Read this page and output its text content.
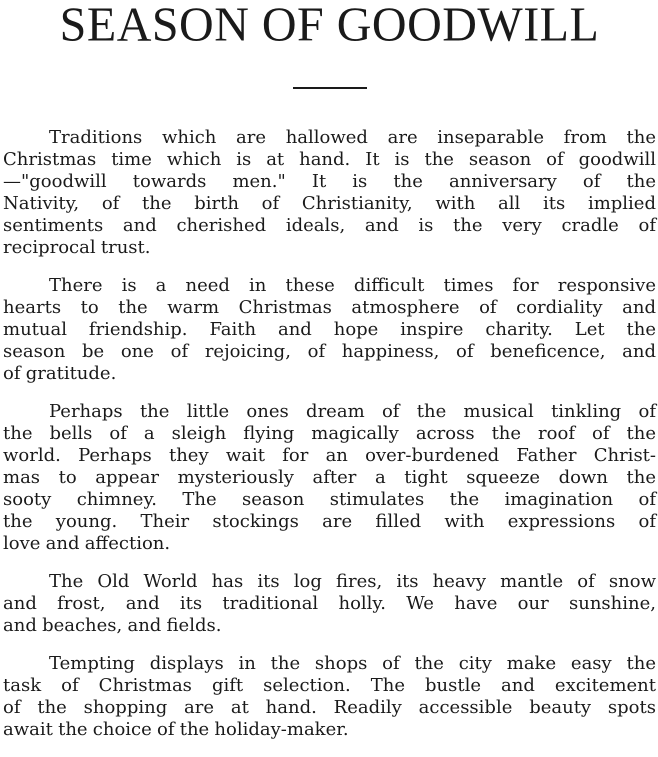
SEASON OF GOODWILL

Traditions which are hallowed are inseparable from the
Christmas time which is at hand. It is the season of goodwill
—"goodwill towards men." It is the anniversary of the
Nativity, of the birth of Christianity, with all its implied
sentiments and cherished ideals, and is the very cradle of
reciprocal trust.

There is a need in these difficult times for responsive
hearts to the warm Christmas atmosphere of cordiality and
mutual friendship. Faith and hope inspire charity. Let the
season be one of rejoicing, of happiness, of beneficence, and
of gratitude.

Perhaps the little ones dream of the musical tinkling of
the bells of a sleigh flying magically across the roof of the
world. Perhaps they wait for an over-burdened Father Christ-
mas to appear mysteriously after a tight squeeze down the
sooty chimney. The season stimulates the imagination of
the young. Their stockings are filled with expressions of
love and affection.

The Old World has its log fires, its heavy mantle of snow
and frost, and its traditional holly. We have our sunshine,
and beaches, and fields.

Tempting displays in the shops of the city make easy the
task of Christmas gift selection. The bustle and excitement
of the shopping are at hand. Readily accessible beauty spots
await the choice of the holiday-maker.
